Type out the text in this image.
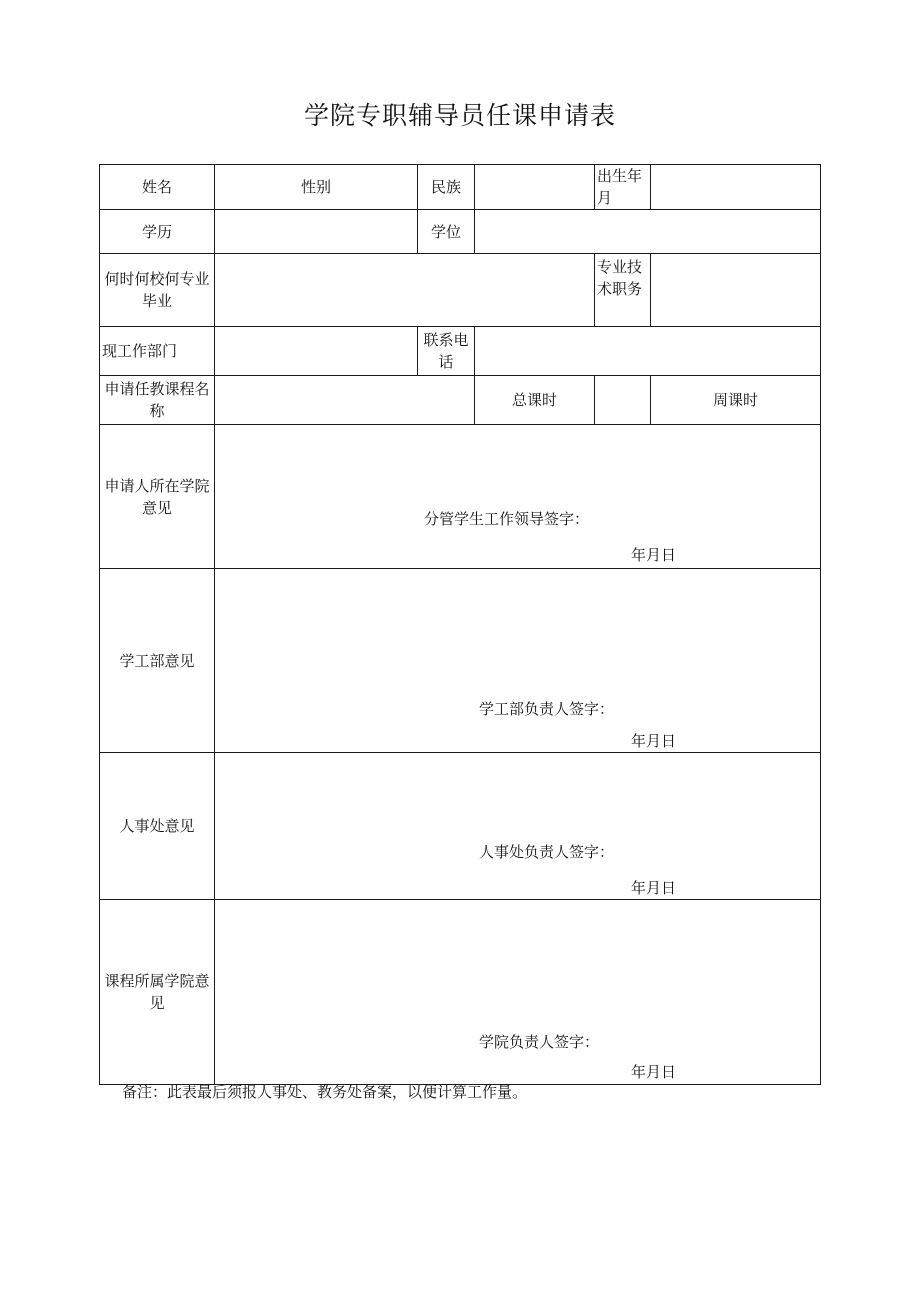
学院专职辅导员任课申请表
姓名	性别	民族		出生年月	
学历		学位			
何时何校何专业毕业				专业技术职务	
现工作部门		联系电话			
申请任教课程名称			总课时		周课时
申请人所在学院意见	分管学生工作领导签字：
年月日				

学工部意见	学工部负责人签字：
年月日				

人事处意见	人事处负责人签字：
年月日				

课程所属学院意见	学院负责人签字：
年月日				
备注：此表最后须报人事处、教务处备案，以便计算工作量。
